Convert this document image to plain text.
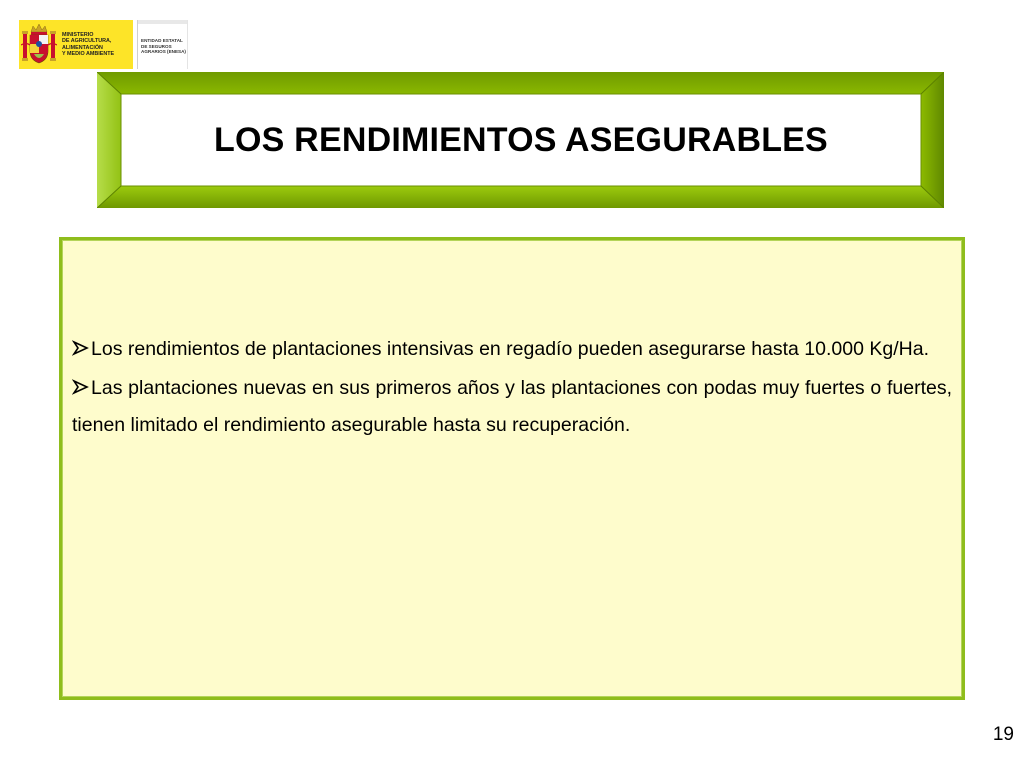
MINISTERIO
DE AGRICULTURA, ALIMENTACIÓN
Y MEDIO AMBIENTE
ENTIDAD ESTATAL
DE SEGUROS
AGRARIOS (ENESA)
LOS RENDIMIENTOS ASEGURABLES

Los rendimientos de plantaciones intensivas en regadío pueden asegurarse hasta 10.000 Kg/Ha.

Las plantaciones nuevas en sus primeros años y las plantaciones con podas muy fuertes o fuertes, tienen limitado el rendimiento asegurable hasta su recuperación.

19
